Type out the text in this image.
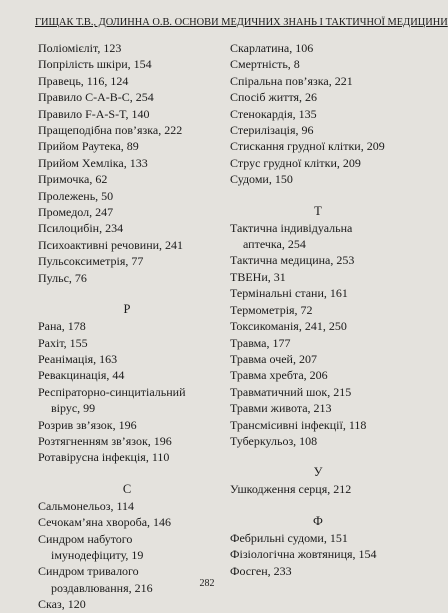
ГИЩАК Т.В., ДОЛИННА О.В. ОСНОВИ МЕДИЧНИХ ЗНАНЬ І ТАКТИЧНОЇ МЕДИЦИНИ
Поліомієліт, 123
Попрілість шкіри, 154
Правець, 116, 124
Правило C-A-B-C, 254
Правило F-A-S-T, 140
Пращеподібна пов’язка, 222
Прийом Раутека, 89
Прийом Хемліка, 133
Примочка, 62
Пролежень, 50
Промедол, 247
Псилоцибін, 234
Психоактивні речовини, 241
Пульсоксиметрія, 77
Пульс, 76
Р
Рана, 178
Рахіт, 155
Реанімація, 163
Ревакцинація, 44
Респіраторно-синцитіальний
вірус, 99
Розрив зв’язок, 196
Розтягненням зв’язок, 196
Ротавірусна інфекція, 110
С
Сальмонельоз, 114
Сечокам’яна хвороба, 146
Синдром набутого
імунодефіциту, 19
Синдром тривалого
роздавлювання, 216
Сказ, 120
Скарлатина, 106
Смертність, 8
Спіральна пов’язка, 221
Спосіб життя, 26
Стенокардія, 135
Стерилізація, 96
Стискання грудної клітки, 209
Струс грудної клітки, 209
Судоми, 150
Т
Тактична індивідуальна
аптечка, 254
Тактична медицина, 253
ТВЕНи, 31
Термінальні стани, 161
Термометрія, 72
Токсикоманія, 241, 250
Травма, 177
Травма очей, 207
Травма хребта, 206
Травматичний шок, 215
Травми живота, 213
Трансмісивні інфекції, 118
Туберкульоз, 108
У
Ушкодження серця, 212
Ф
Фебрильні судоми, 151
Фізіологічна жовтяниця, 154
Фосген, 233
282
